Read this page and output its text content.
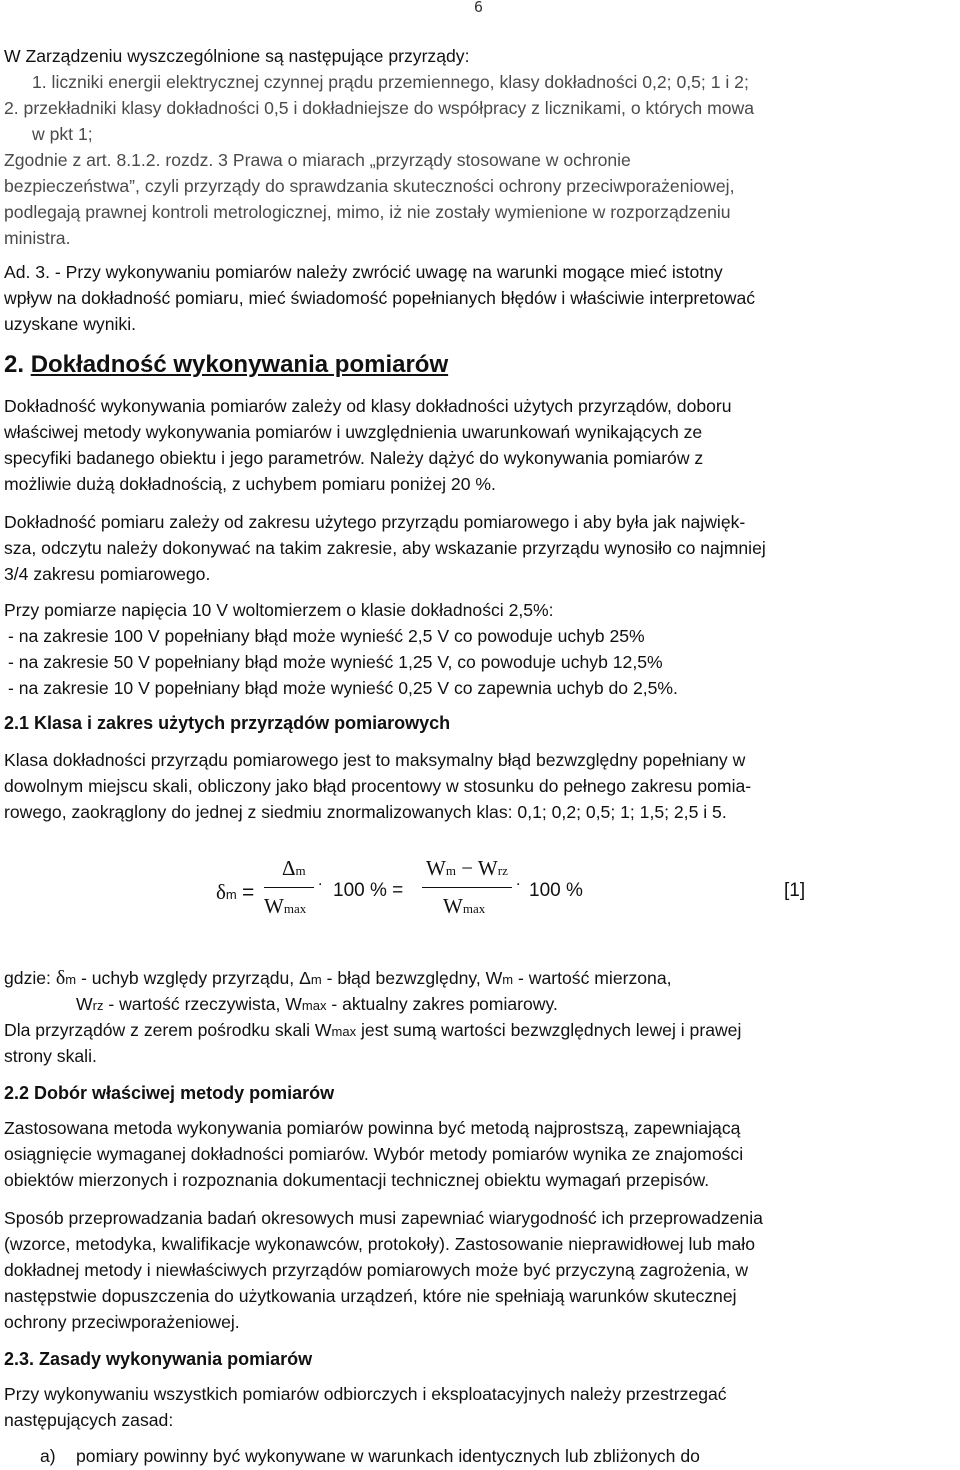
6

W Zarządzeniu wyszczególnione są następujące przyrządy:

1. liczniki energii elektrycznej czynnej prądu przemiennego, klasy dokładności 0,2; 0,5; 1 i 2;

2. przekładniki klasy dokładności 0,5 i dokładniejsze do współpracy z licznikami, o których mowa

w pkt 1;

Zgodnie z art. 8.1.2. rozdz. 3 Prawa o miarach „przyrządy stosowane w ochronie

bezpieczeństwa”, czyli przyrządy do sprawdzania skuteczności ochrony przeciwporażeniowej,

podlegają prawnej kontroli metrologicznej, mimo, iż nie zostały wymienione w rozporządzeniu

ministra.

Ad. 3. - Przy wykonywaniu pomiarów należy zwrócić uwagę na warunki mogące mieć istotny

wpływ na dokładność pomiaru, mieć świadomość popełnianych błędów i właściwie interpretować

uzyskane wyniki.

2. Dokładność wykonywania pomiarów

Dokładność wykonywania pomiarów zależy od klasy dokładności użytych przyrządów, doboru

właściwej metody wykonywania pomiarów i uwzględnienia uwarunkowań wynikających ze

specyfiki badanego obiektu i jego parametrów. Należy dążyć do wykonywania pomiarów z

możliwie dużą dokładnością, z uchybem pomiaru poniżej 20 %.

Dokładność pomiaru zależy od zakresu użytego przyrządu pomiarowego i aby była jak najwięk-

sza, odczytu należy dokonywać na takim zakresie, aby wskazanie przyrządu wynosiło co najmniej

3/4 zakresu pomiarowego.

Przy pomiarze napięcia 10 V woltomierzem o klasie dokładności 2,5%:

- na zakresie 100 V popełniany błąd może wynieść 2,5 V co powoduje uchyb 25%

- na zakresie 50 V popełniany błąd może wynieść 1,25 V, co powoduje uchyb 12,5%

- na zakresie 10 V popełniany błąd może wynieść 0,25 V co zapewnia uchyb do 2,5%.

2.1 Klasa i zakres użytych przyrządów pomiarowych

Klasa dokładności przyrządu pomiarowego jest to maksymalny błąd bezwzględny popełniany w

dowolnym miejscu skali, obliczony jako błąd procentowy w stosunku do pełnego zakresu pomia-

rowego, zaokrąglony do jednej z siedmiu znormalizowanych klas: 0,1; 0,2; 0,5; 1; 1,5; 2,5 i 5.

δm =
Δm
Wmax
. 100 % =
Wm − Wrz
Wmax
. 100 %	[1]

gdzie: δm - uchyb względy przyrządu, Δm - błąd bezwzględny, Wm - wartość mierzona,

Wrz - wartość rzeczywista, Wmax - aktualny zakres pomiarowy.

Dla przyrządów z zerem pośrodku skali Wmax jest sumą wartości bezwzględnych lewej i prawej

strony skali.

2.2 Dobór właściwej metody pomiarów

Zastosowana metoda wykonywania pomiarów powinna być metodą najprostszą, zapewniającą

osiągnięcie wymaganej dokładności pomiarów. Wybór metody pomiarów wynika ze znajomości

obiektów mierzonych i rozpoznania dokumentacji technicznej obiektu wymagań przepisów.

Sposób przeprowadzania badań okresowych musi zapewniać wiarygodność ich przeprowadzenia

(wzorce, metodyka, kwalifikacje wykonawców, protokoły). Zastosowanie nieprawidłowej lub mało

dokładnej metody i niewłaściwych przyrządów pomiarowych może być przyczyną zagrożenia, w

następstwie dopuszczenia do użytkowania urządzeń, które nie spełniają warunków skutecznej

ochrony przeciwporażeniowej.

2.3. Zasady wykonywania pomiarów

Przy wykonywaniu wszystkich pomiarów odbiorczych i eksploatacyjnych należy przestrzegać

następujących zasad:

a) pomiary powinny być wykonywane w warunkach identycznych lub zbliżonych do
